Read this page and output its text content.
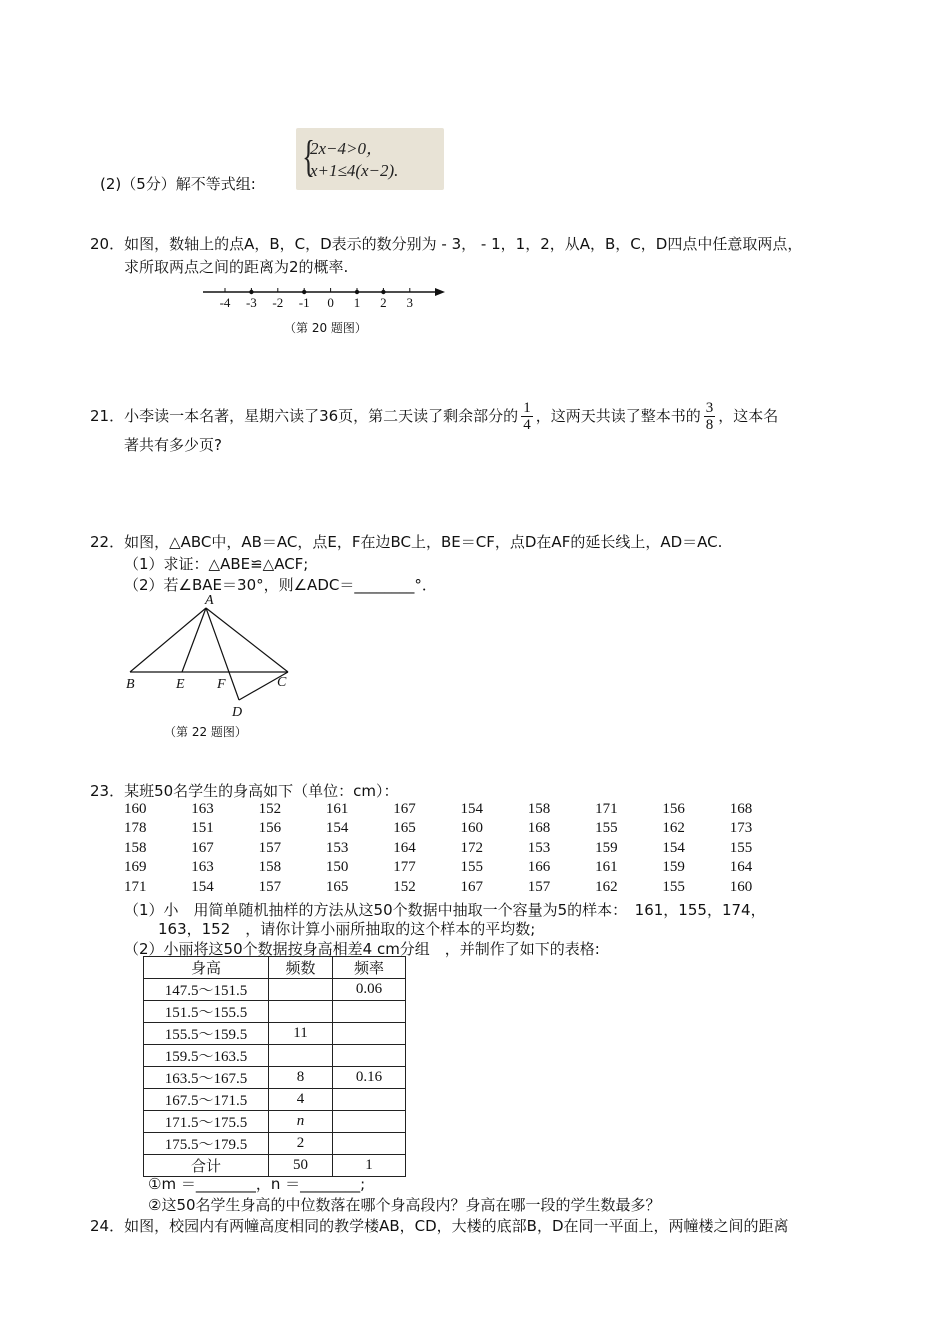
{
2x−4>0，
x+1≤4(x−2).
(2)（5分）解不等式组:
20．如图，数轴上的点A，B，C，D表示的数分别为 - 3， - 1，1，2，从A，B，C，D四点中任意取两点，
求所取两点之间的距离为2的概率.
-4 -3 -2 -1 0 1 2 3
（第 20 题图）
21．小李读一本名著，星期六读了36页，第二天读了剩余部分的 $\frac{1}{4}$ ，这两天共读了整本书的 $\frac{3}{8}$ ，这本名
著共有多少页?
22．如图，△ABC中，AB＝AC，点E，F在边BC上，BE＝CF，点D在AF的延长线上，AD＝AC.
（1）求证：△ABE≌△ACF;
（2）若∠BAE＝30°，则∠ADC＝________°．
A
B	E F	C
D
（第 22 题图）
23．某班50名学生的身高如下（单位：cm）：
160	163	152	161	167	154	158	171	156	168
178	151	156	154	165	160	168	155	162	173
158	167	157	153	164	172	153	159	154	155
169	163	158	150	177	155	166	161	159	164
171	154	157	165	152	167	157	162	155	160
（1）小　用简单随机抽样的方法从这50个数据中抽取一个容量为5的样本：　161，155，174，
163，152　，请你计算小丽所抽取的这个样本的平均数;
（2）小丽将这50个数据按身高相差4 cm分组　，并制作了如下的表格:
身高	频数	频率
147.5～151.5		0.06
151.5～155.5		
155.5～159.5	11	
159.5～163.5		
163.5～167.5	8	0.16
167.5～171.5	4	
171.5～175.5	n	
175.5～179.5	2	
合计	50	1
①m ＝________，n ＝________;
②这50名学生身高的中位数落在哪个身高段内？身高在哪一段的学生数最多？
24．如图，校园内有两幢高度相同的教学楼AB，CD，大楼的底部B，D在同一平面上，两幢楼之间的距离
